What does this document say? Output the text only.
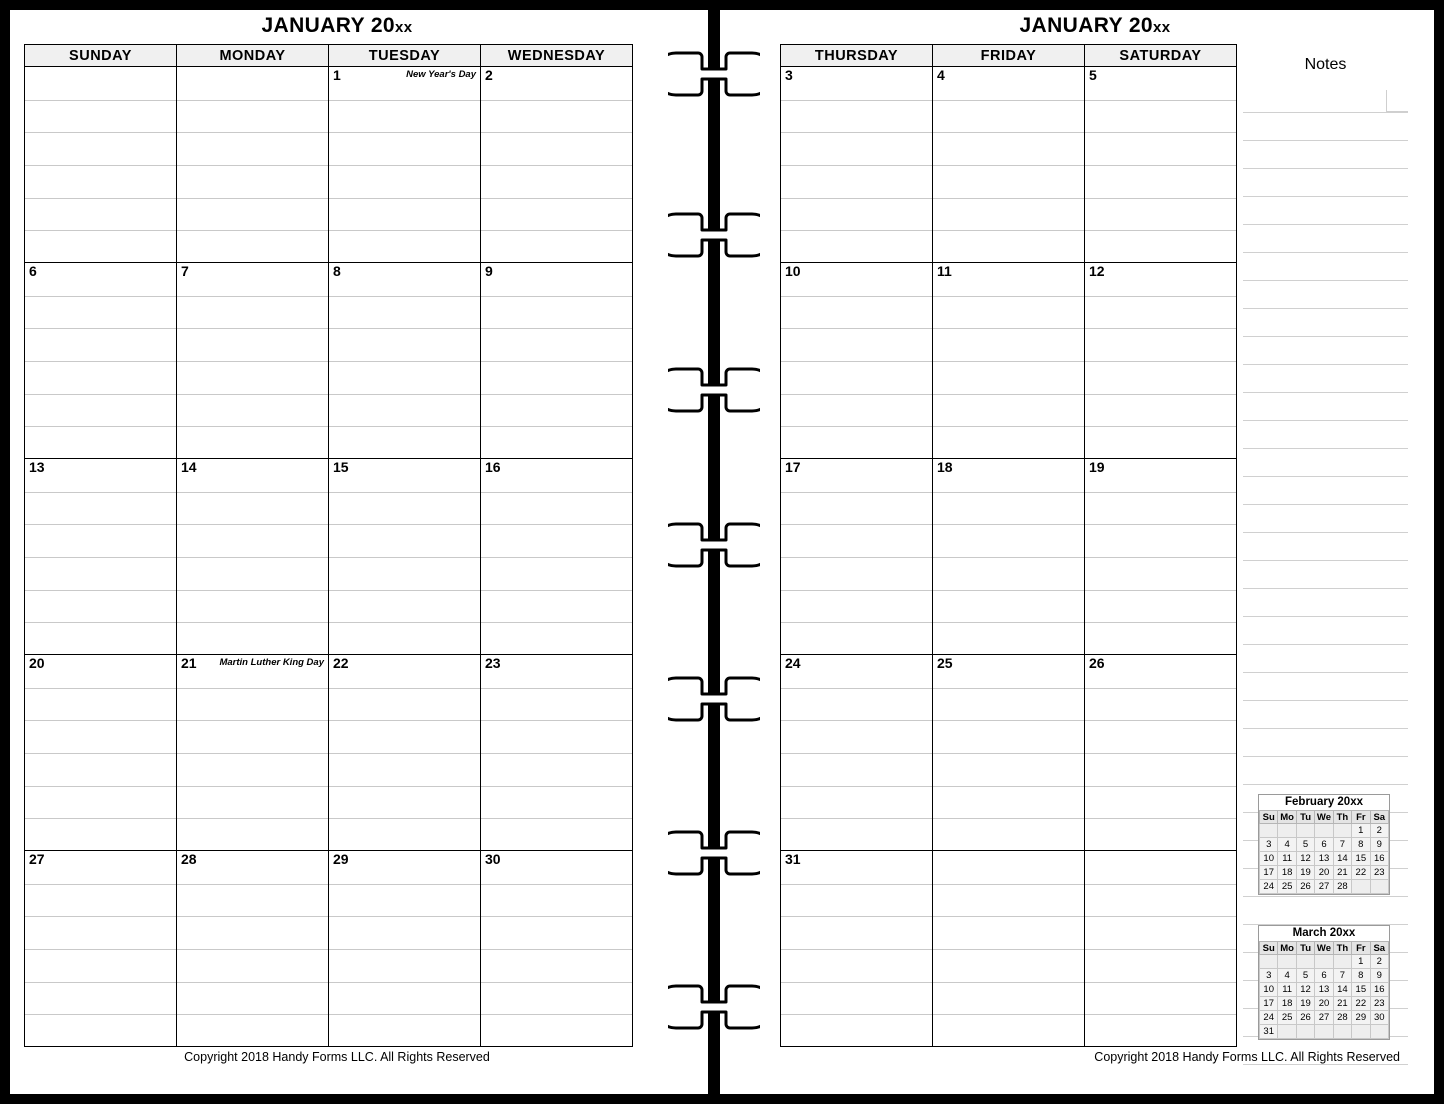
JANUARY 20xx
SUNDAY	MONDAY	TUESDAY	WEDNESDAY

		1 New Year's Day	2

6	7	8	9

13	14	15	16

20	21 Martin Luther King Day	22	23

27	28	29	30
Copyright 2018 Handy Forms LLC. All Rights Reserved
JANUARY 20xx
THURSDAY	FRIDAY	SATURDAY

3	4	5

10	11	12

17	18	19

24	25	26

31		

Copyright 2018 Handy Forms LLC. All Rights Reserved
Notes
February 20xx
Su	Mo	Tu	We	Th	Fr	Sa
					1	2
3	4	5	6	7	8	9
10	11	12	13	14	15	16
17	18	19	20	21	22	23
24	25	26	27	28		
March 20xx
Su	Mo	Tu	We	Th	Fr	Sa
					1	2
3	4	5	6	7	8	9
10	11	12	13	14	15	16
17	18	19	20	21	22	23
24	25	26	27	28	29	30
31						
